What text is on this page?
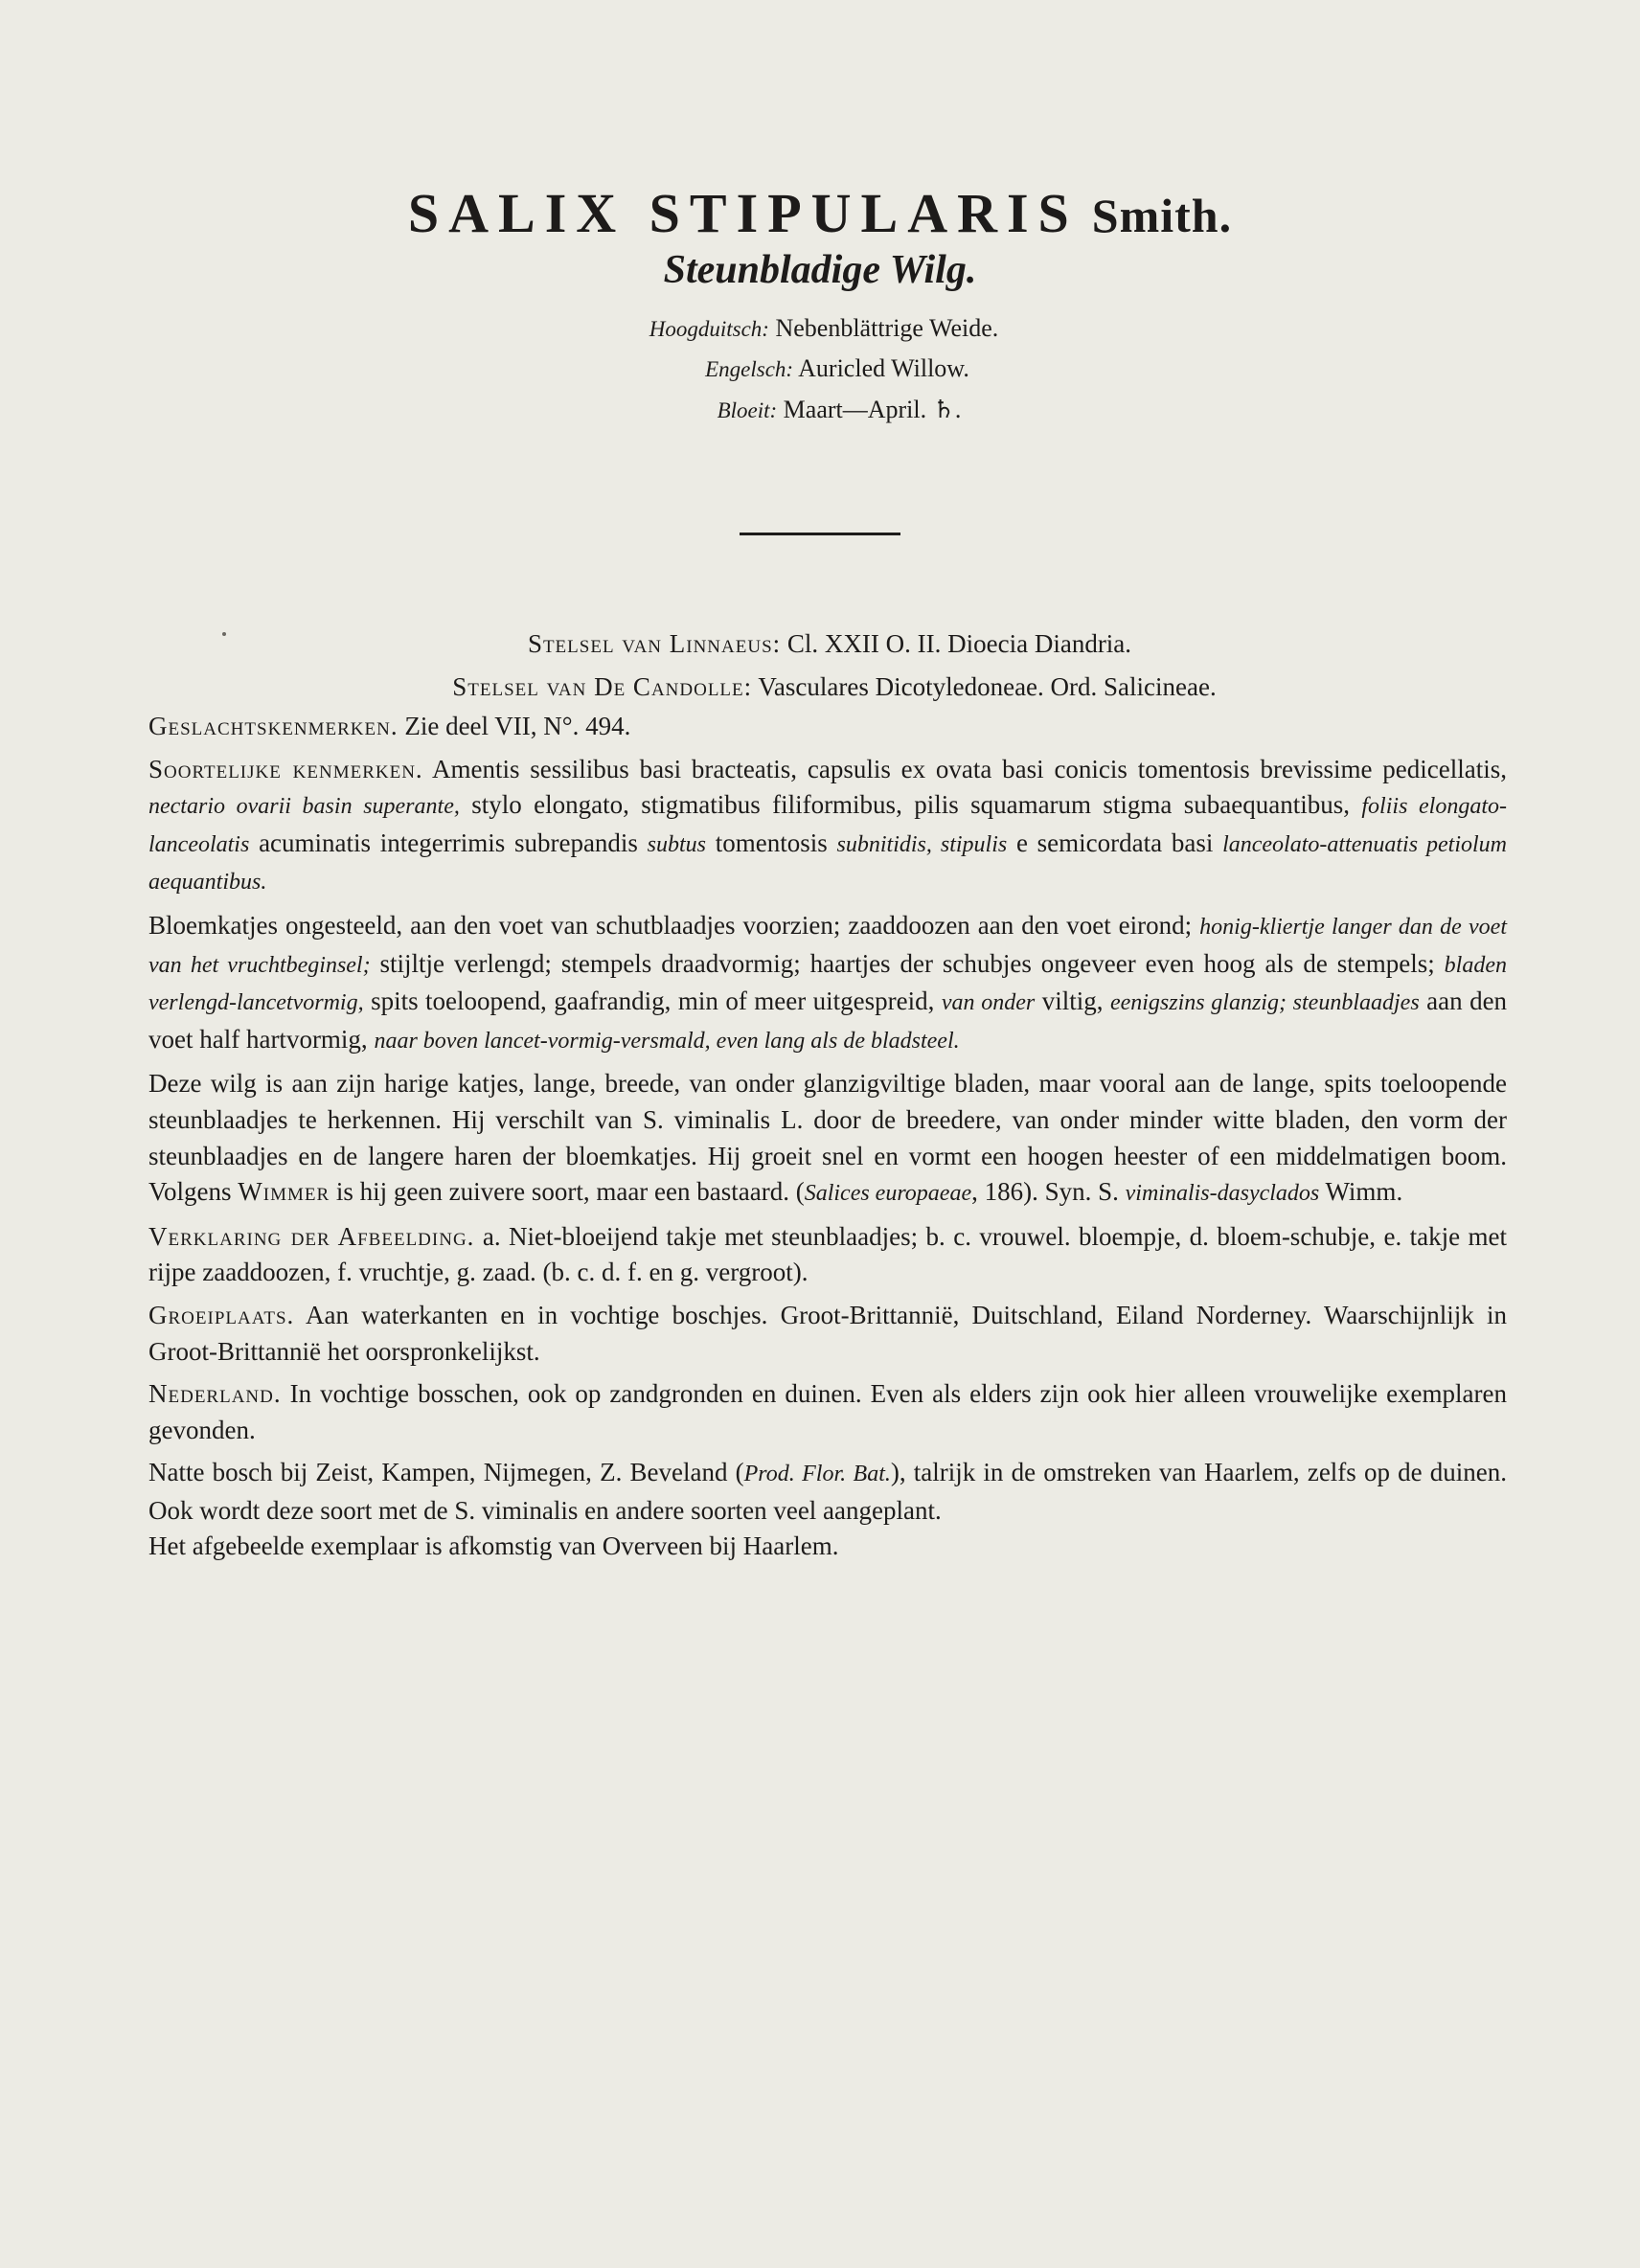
SALIX STIPULARIS Smith.
Steunbladige Wilg.
Hoogduitsch: Nebenblättrige Weide.
Engelsch: Auricled Willow.
Bloeit: Maart—April. ♄.
Stelsel van Linnaeus: Cl. XXII O. II. Dioecia Diandria.
Stelsel van De Candolle: Vasculares Dicotyledoneae. Ord. Salicineae.

Geslachtskenmerken. Zie deel VII, N°. 494.

Soortelijke kenmerken. Amentis sessilibus basi bracteatis, capsulis ex ovata basi conicis tomentosis brevissime pedicellatis, nectario ovarii basin superante, stylo elongato, stigmatibus filiformibus, pilis squamarum stigma subaequantibus, foliis elongato-lanceolatis acuminatis integerrimis subrepandis subtus tomentosis subnitidis, stipulis e semicordata basi lanceolato-attenuatis petiolum aequantibus.

Bloemkatjes ongesteeld, aan den voet van schutblaadjes voorzien; zaaddoozen aan den voet eirond; honig-kliertje langer dan de voet van het vruchtbeginsel; stijltje verlengd; stempels draadvormig; haartjes der schubjes ongeveer even hoog als de stempels; bladen verlengd-lancetvormig, spits toeloopend, gaafrandig, min of meer uitgespreid, van onder viltig, eenigszins glanzig; steunblaadjes aan den voet half hartvormig, naar boven lancet-vormig-versmald, even lang als de bladsteel.

Deze wilg is aan zijn harige katjes, lange, breede, van onder glanzigviltige bladen, maar vooral aan de lange, spits toeloopende steunblaadjes te herkennen. Hij verschilt van S. viminalis L. door de breedere, van onder minder witte bladen, den vorm der steunblaadjes en de langere haren der bloemkatjes. Hij groeit snel en vormt een hoogen heester of een middelmatigen boom. Volgens Wimmer is hij geen zuivere soort, maar een bastaard. (Salices europaeae, 186). Syn. S. viminalis-dasyclados Wimm.

Verklaring der Afbeelding. a. Niet-bloeijend takje met steunblaadjes; b. c. vrouwel. bloempje, d. bloem-schubje, e. takje met rijpe zaaddoozen, f. vruchtje, g. zaad. (b. c. d. f. en g. vergroot).

Groeiplaats. Aan waterkanten en in vochtige boschjes. Groot-Brittannië, Duitschland, Eiland Norderney. Waarschijnlijk in Groot-Brittannië het oorspronkelijkst.

Nederland. In vochtige bosschen, ook op zandgronden en duinen. Even als elders zijn ook hier alleen vrouwelijke exemplaren gevonden.

Natte bosch bij Zeist, Kampen, Nijmegen, Z. Beveland (Prod. Flor. Bat.), talrijk in de omstreken van Haarlem, zelfs op de duinen. Ook wordt deze soort met de S. viminalis en andere soorten veel aangeplant.

Het afgebeelde exemplaar is afkomstig van Overveen bij Haarlem.
